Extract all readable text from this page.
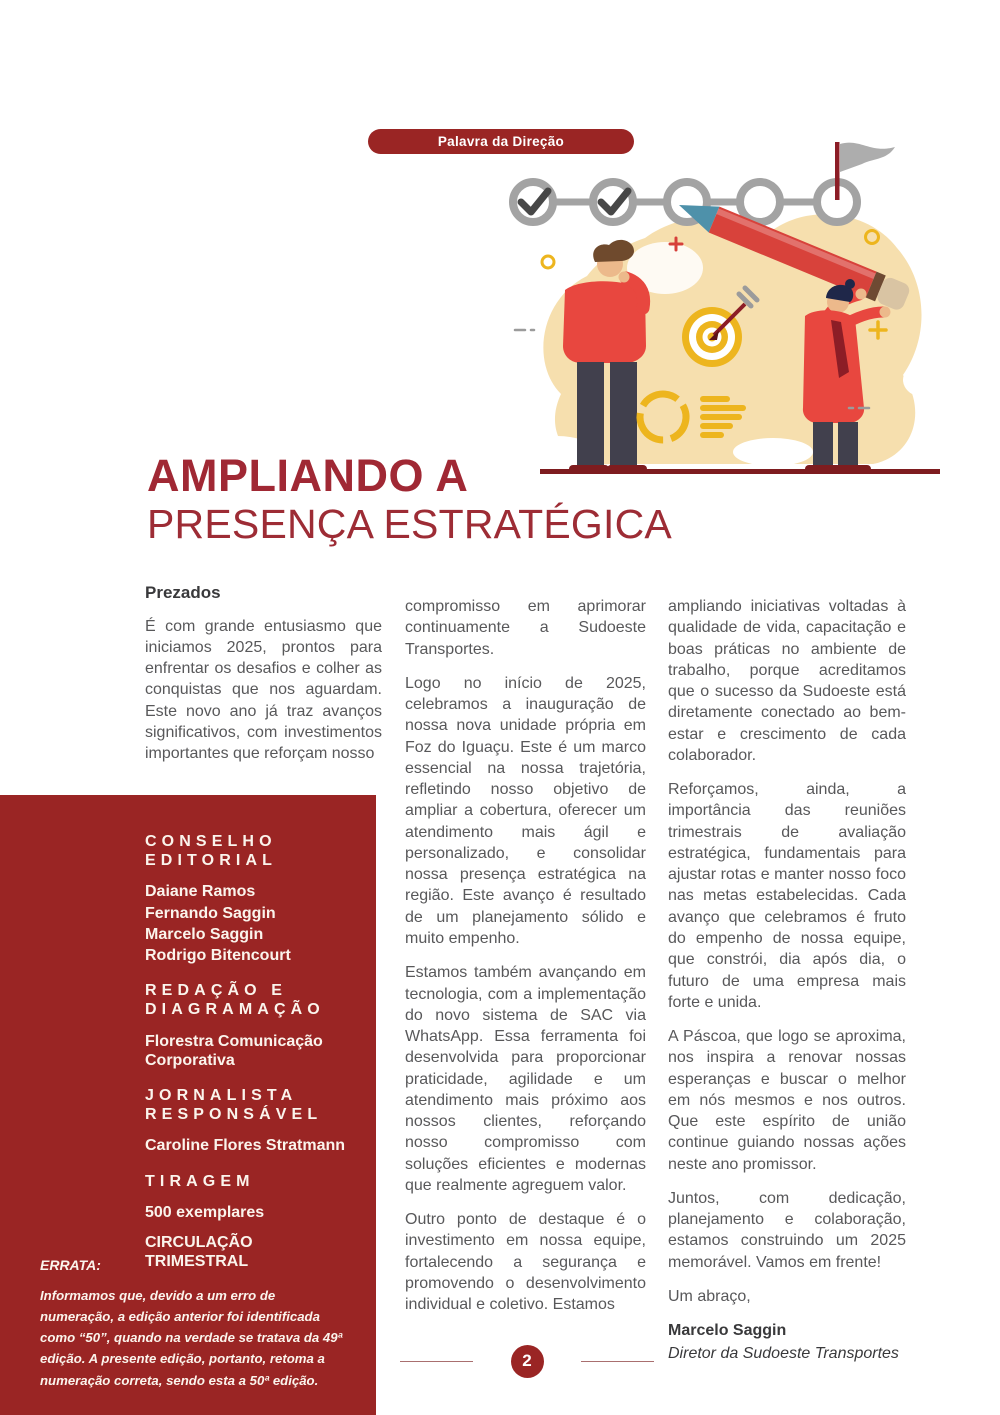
Palavra da Direção
AMPLIANDO A
PRESENÇA ESTRATÉGICA
Prezados

É com grande entusiasmo que iniciamos 2025, prontos para enfrentar os desafios e colher as conquistas que nos aguardam. Este novo ano já traz avanços significativos, com investimentos importantes que reforçam nosso

compromisso em aprimorar continuamente a Sudoeste Transportes.

Logo no início de 2025, celebramos a inauguração de nossa nova unidade própria em Foz do Iguaçu. Este é um marco essencial na nossa trajetória, refletindo nosso objetivo de ampliar a cobertura, oferecer um atendimento mais ágil e personalizado, e consolidar nossa presença estratégica na região. Este avanço é resultado de um planejamento sólido e muito empenho.

Estamos também avançando em tecnologia, com a implementação do novo sistema de SAC via WhatsApp. Essa ferramenta foi desenvolvida para proporcionar praticidade, agilidade e um atendimento mais próximo aos nossos clientes, reforçando nosso compromisso com soluções eficientes e modernas que realmente agreguem valor.

Outro ponto de destaque é o investimento em nossa equipe, fortalecendo a segurança e promovendo o desenvolvimento individual e coletivo. Estamos

ampliando iniciativas voltadas à qualidade de vida, capacitação e boas práticas no ambiente de trabalho, porque acreditamos que o sucesso da Sudoeste está diretamente conectado ao bem-estar e crescimento de cada colaborador.

Reforçamos, ainda, a importância das reuniões trimestrais de avaliação estratégica, fundamentais para ajustar rotas e manter nosso foco nas metas estabelecidas. Cada avanço que celebramos é fruto do empenho de nossa equipe, que constrói, dia após dia, o futuro de uma empresa mais forte e unida.

A Páscoa, que logo se aproxima, nos inspira a renovar nossas esperanças e buscar o melhor em nós mesmos e nos outros. Que este espírito de união continue guiando nossas ações neste ano promissor.

Juntos, com dedicação, planejamento e colaboração, estamos construindo um 2025 memorável. Vamos em frente!

Um abraço,

Marcelo Saggin

Diretor da Sudoeste Transportes

CONSELHO EDITORIAL
Daiane Ramos
Fernando Saggin
Marcelo Saggin
Rodrigo Bitencourt
REDAÇÃO E DIAGRAMAÇÃO
Florestra Comunicação Corporativa
JORNALISTA RESPONSÁVEL
Caroline Flores Stratmann
TIRAGEM
500 exemplares
CIRCULAÇÃO TRIMESTRAL
ERRATA:
Informamos que, devido a um erro de numeração, a edição anterior foi identificada como “50”, quando na verdade se tratava da 49ª edição. A presente edição, portanto, retoma a numeração correta, sendo esta a 50ª edição.
2
